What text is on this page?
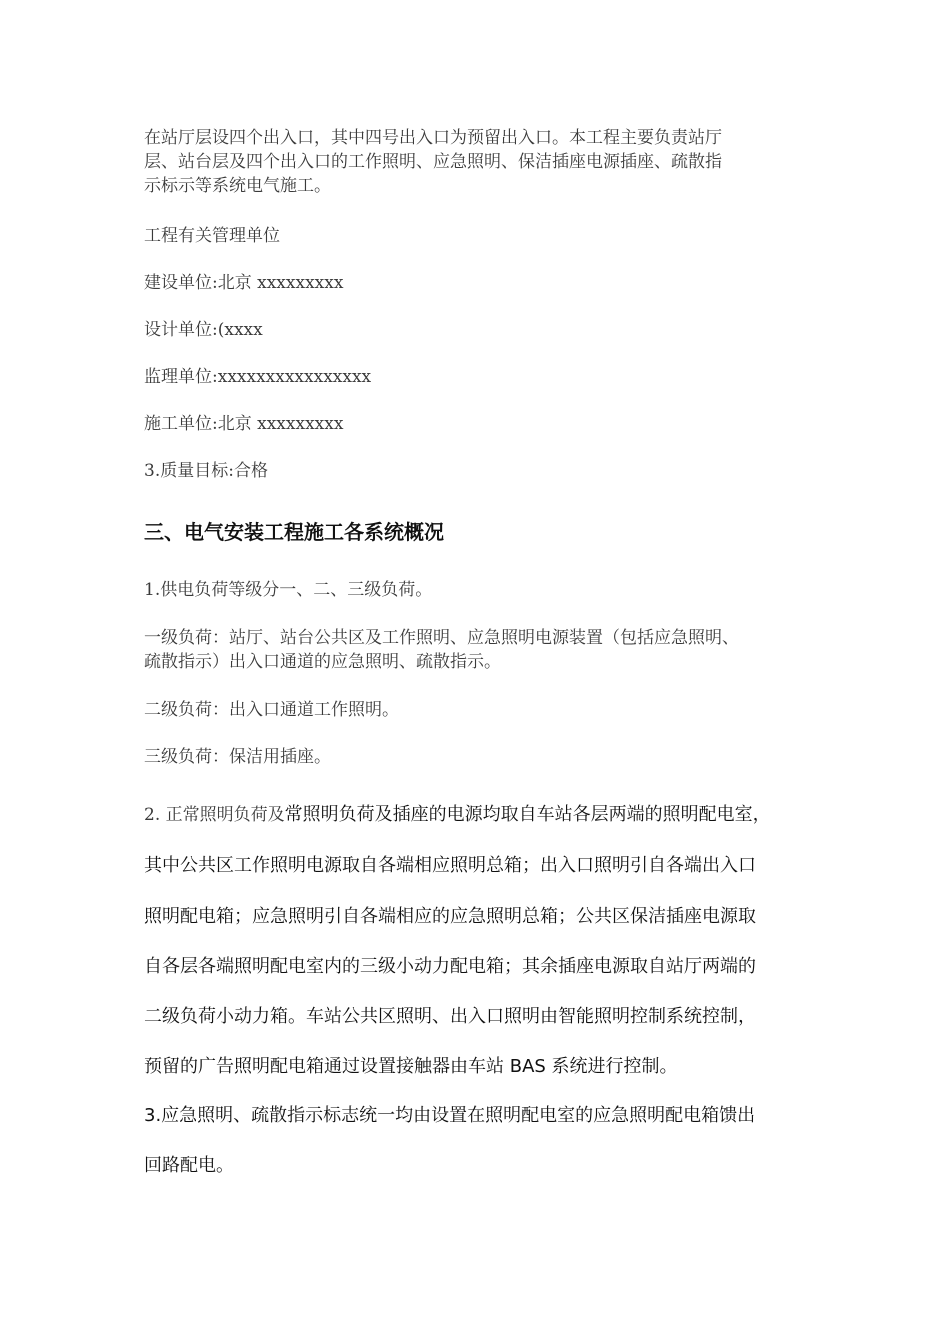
在站厅层设四个出入口，其中四号出入口为预留出入口。本工程主要负责站厅
层、站台层及四个出入口的工作照明、应急照明、保洁插座电源插座、疏散指
示标示等系统电气施工。

工程有关管理单位

建设单位:北京 xxxxxxxxx

设计单位:(xxxx

监理单位:xxxxxxxxxxxxxxxx

施工单位:北京 xxxxxxxxx

3.质量目标:合格

三、电气安装工程施工各系统概况

1.供电负荷等级分一、二、三级负荷。

一级负荷：站厅、站台公共区及工作照明、应急照明电源装置（包括应急照明、
疏散指示）出入口通道的应急照明、疏散指示。

二级负荷：出入口通道工作照明。

三级负荷：保洁用插座。

2. 正常照明负荷及常照明负荷及插座的电源均取自车站各层两端的照明配电室，

其中公共区工作照明电源取自各端相应照明总箱；出入口照明引自各端出入口

照明配电箱；应急照明引自各端相应的应急照明总箱；公共区保洁插座电源取

自各层各端照明配电室内的三级小动力配电箱；其余插座电源取自站厅两端的

二级负荷小动力箱。车站公共区照明、出入口照明由智能照明控制系统控制，

预留的广告照明配电箱通过设置接触器由车站 BAS 系统进行控制。

3.应急照明、疏散指示标志统一均由设置在照明配电室的应急照明配电箱馈出

回路配电。
